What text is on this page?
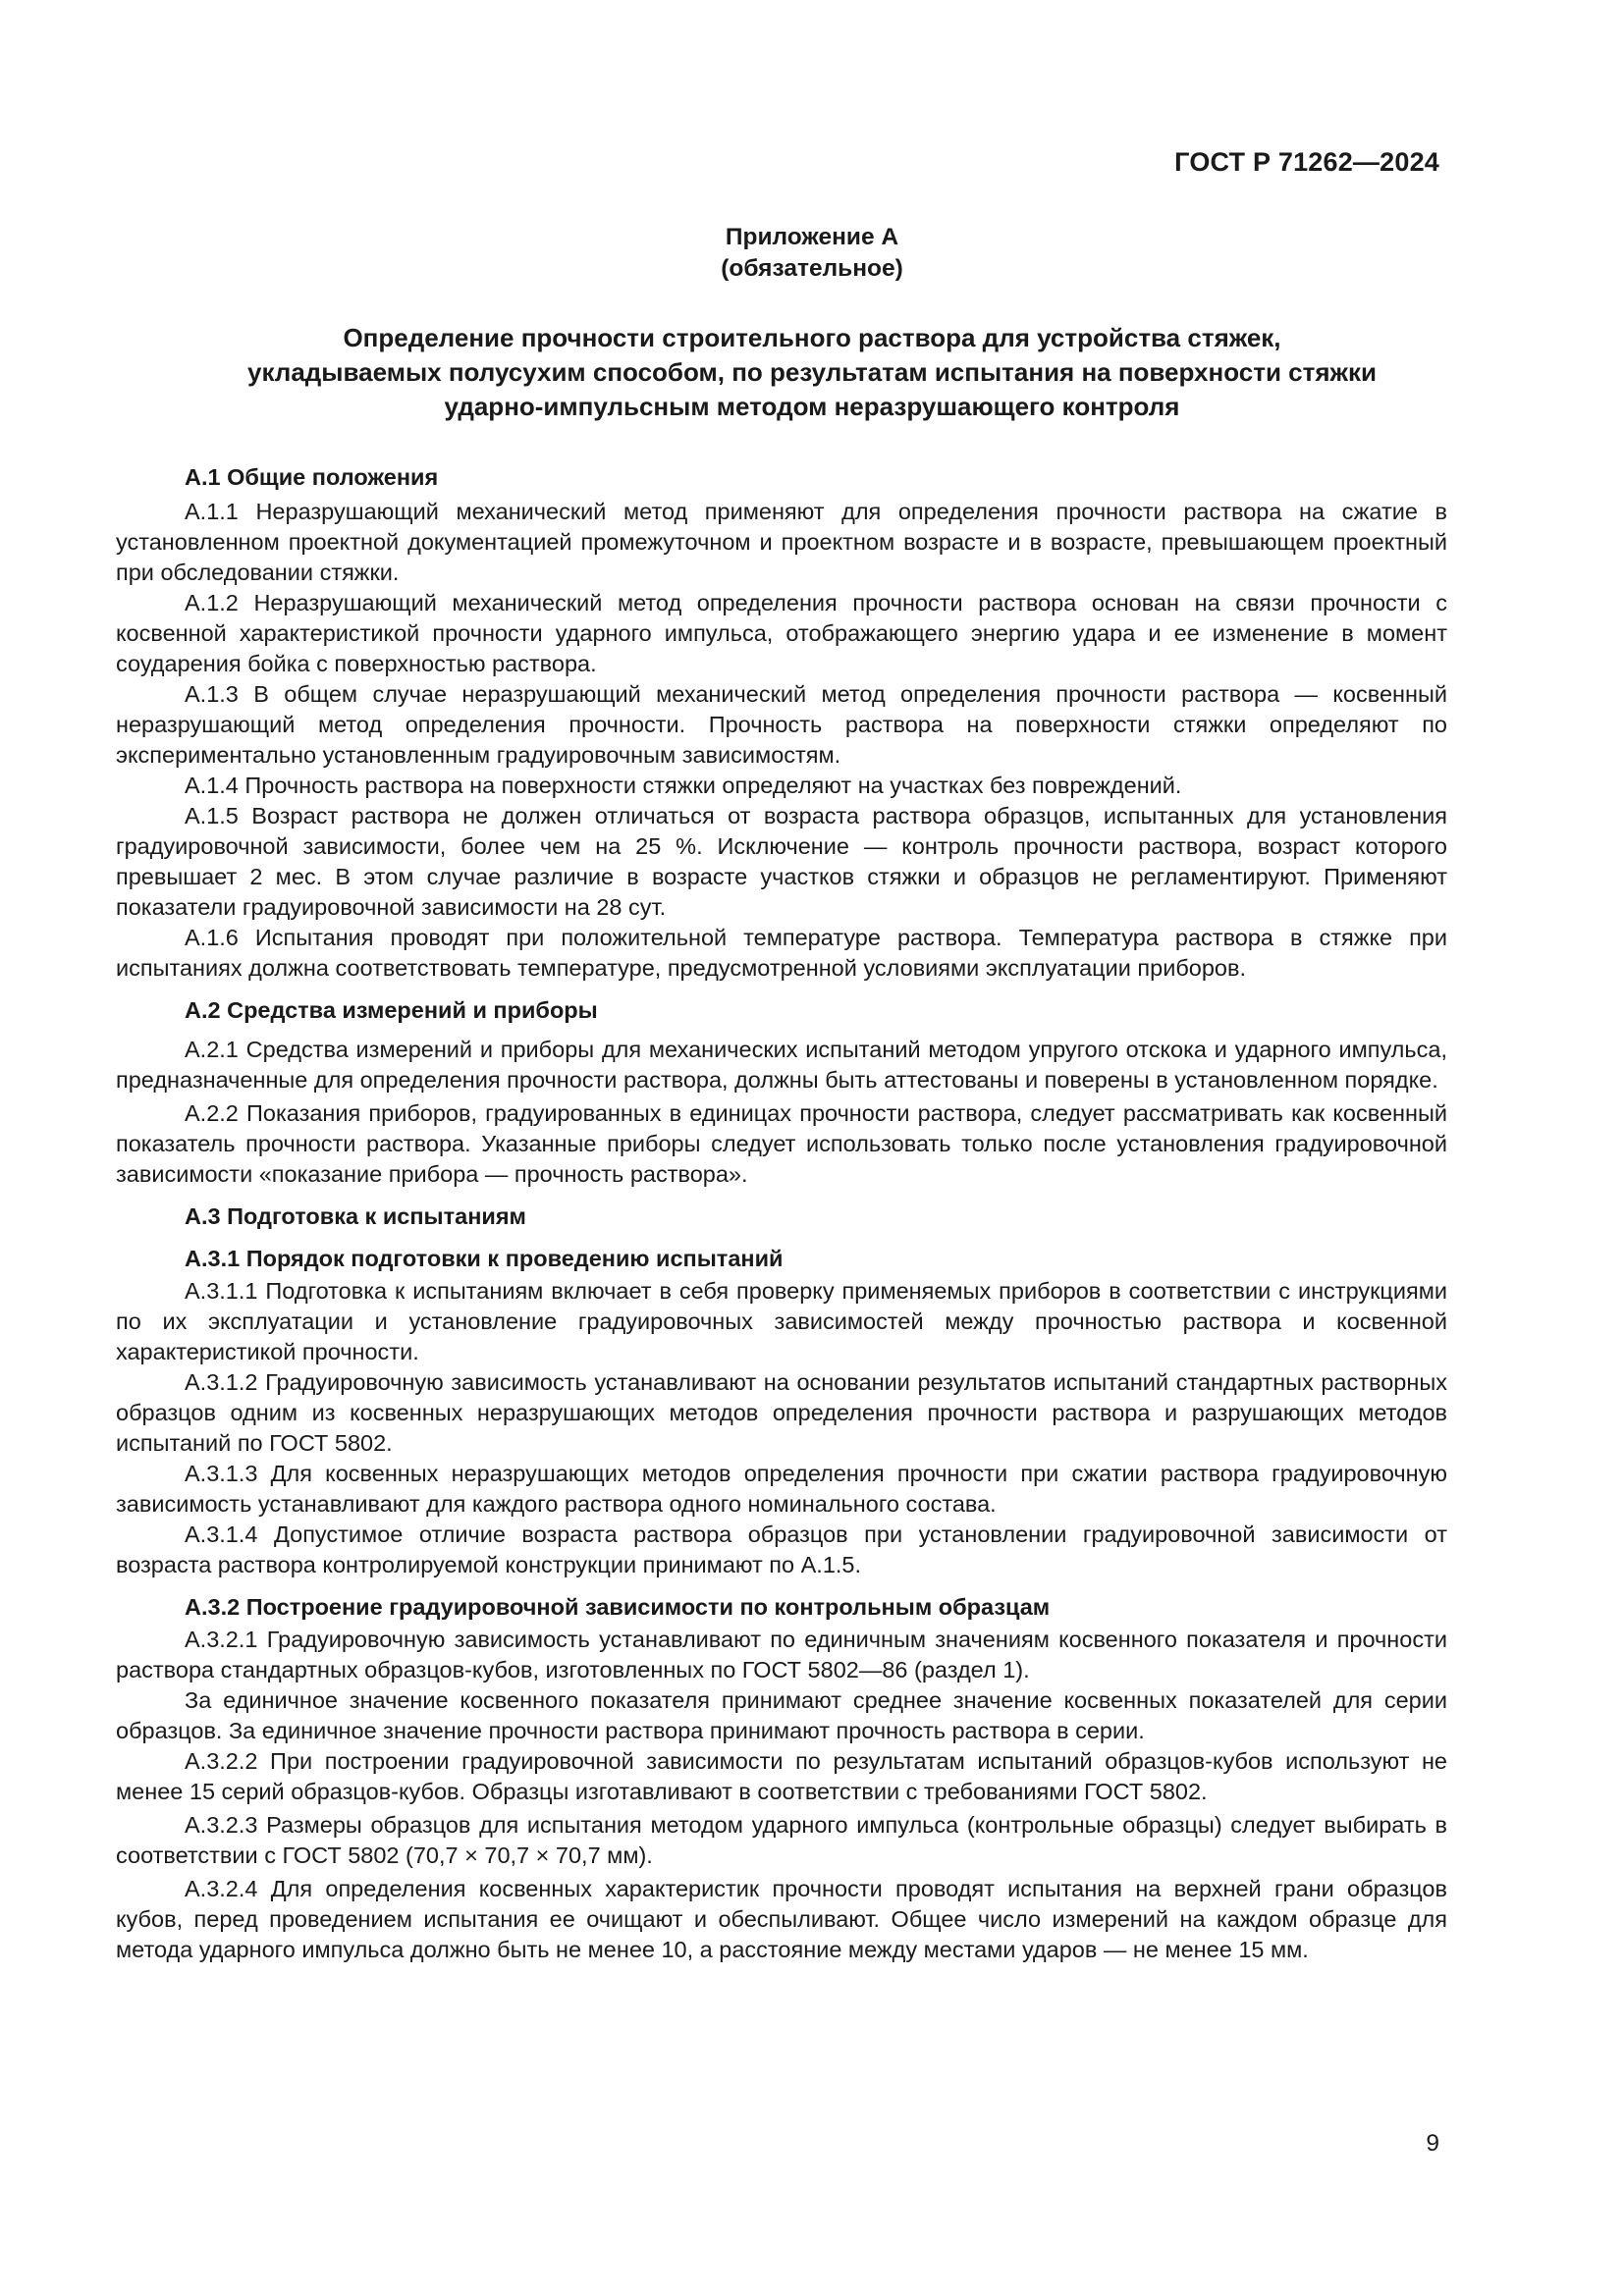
ГОСТ Р 71262—2024
Приложение А
(обязательное)
Определение прочности строительного раствора для устройства стяжек,
укладываемых полусухим способом, по результатам испытания на поверхности стяжки
ударно-импульсным методом неразрушающего контроля
А.1 Общие положения

А.1.1 Неразрушающий механический метод применяют для определения прочности раствора на сжатие в установленном проектной документацией промежуточном и проектном возрасте и в возрасте, превышающем проектный при обследовании стяжки.

А.1.2 Неразрушающий механический метод определения прочности раствора основан на связи прочности с косвенной характеристикой прочности ударного импульса, отображающего энергию удара и ее изменение в момент соударения бойка с поверхностью раствора.

А.1.3 В общем случае неразрушающий механический метод определения прочности раствора — косвенный неразрушающий метод определения прочности. Прочность раствора на поверхности стяжки определяют по экспериментально установленным градуировочным зависимостям.

А.1.4 Прочность раствора на поверхности стяжки определяют на участках без повреждений.

А.1.5 Возраст раствора не должен отличаться от возраста раствора образцов, испытанных для установления градуировочной зависимости, более чем на 25 %. Исключение — контроль прочности раствора, возраст которого превышает 2 мес. В этом случае различие в возрасте участков стяжки и образцов не регламентируют. Применяют показатели градуировочной зависимости на 28 сут.

А.1.6 Испытания проводят при положительной температуре раствора. Температура раствора в стяжке при испытаниях должна соответствовать температуре, предусмотренной условиями эксплуатации приборов.

А.2 Средства измерений и приборы

А.2.1 Средства измерений и приборы для механических испытаний методом упругого отскока и ударного импульса, предназначенные для определения прочности раствора, должны быть аттестованы и поверены в установленном порядке.

А.2.2 Показания приборов, градуированных в единицах прочности раствора, следует рассматривать как косвенный показатель прочности раствора. Указанные приборы следует использовать только после установления градуировочной зависимости «показание прибора — прочность раствора».

А.3 Подготовка к испытаниям
А.3.1 Порядок подготовки к проведению испытаний

А.3.1.1 Подготовка к испытаниям включает в себя проверку применяемых приборов в соответствии с инструкциями по их эксплуатации и установление градуировочных зависимостей между прочностью раствора и косвенной характеристикой прочности.

А.3.1.2 Градуировочную зависимость устанавливают на основании результатов испытаний стандартных растворных образцов одним из косвенных неразрушающих методов определения прочности раствора и разрушающих методов испытаний по ГОСТ 5802.

А.3.1.3 Для косвенных неразрушающих методов определения прочности при сжатии раствора градуировочную зависимость устанавливают для каждого раствора одного номинального состава.

А.3.1.4 Допустимое отличие возраста раствора образцов при установлении градуировочной зависимости от возраста раствора контролируемой конструкции принимают по А.1.5.

А.3.2 Построение градуировочной зависимости по контрольным образцам

А.3.2.1 Градуировочную зависимость устанавливают по единичным значениям косвенного показателя и прочности раствора стандартных образцов-кубов, изготовленных по ГОСТ 5802—86 (раздел 1).

За единичное значение косвенного показателя принимают среднее значение косвенных показателей для серии образцов. За единичное значение прочности раствора принимают прочность раствора в серии.

А.3.2.2 При построении градуировочной зависимости по результатам испытаний образцов-кубов используют не менее 15 серий образцов-кубов. Образцы изготавливают в соответствии с требованиями ГОСТ 5802.

А.3.2.3 Размеры образцов для испытания методом ударного импульса (контрольные образцы) следует выбирать в соответствии с ГОСТ 5802 (70,7 × 70,7 × 70,7 мм).

А.3.2.4 Для определения косвенных характеристик прочности проводят испытания на верхней грани образцов кубов, перед проведением испытания ее очищают и обеспыливают. Общее число измерений на каждом образце для метода ударного импульса должно быть не менее 10, а расстояние между местами ударов — не менее 15 мм.

9
